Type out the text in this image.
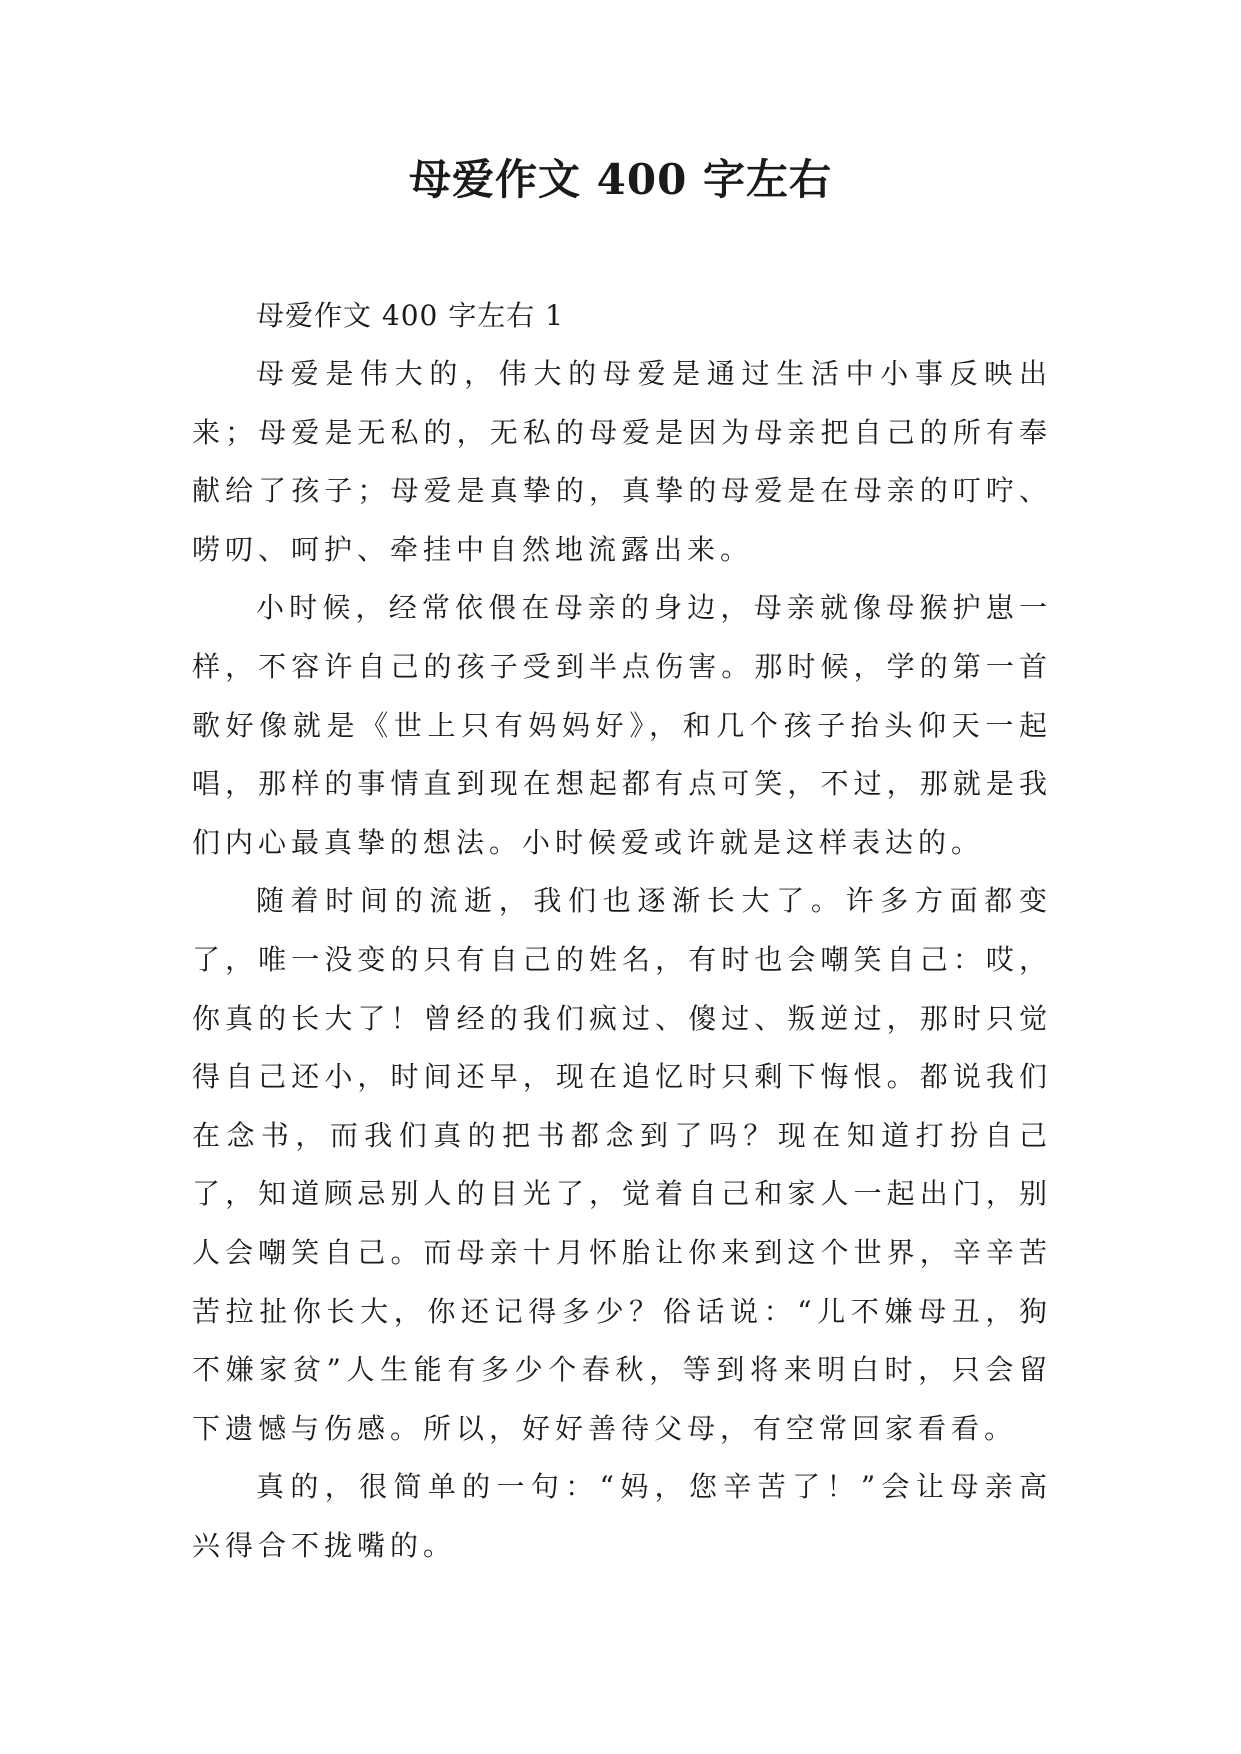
母爱作文 400 字左右

母爱作文 400 字左右 1

母爱是伟大的，伟大的母爱是通过生活中小事反映出来；母爱是无私的，无私的母爱是因为母亲把自己的所有奉献给了孩子；母爱是真挚的，真挚的母爱是在母亲的叮咛、唠叨、呵护、牵挂中自然地流露出来。

小时候，经常依偎在母亲的身边，母亲就像母猴护崽一样，不容许自己的孩子受到半点伤害。那时候，学的第一首歌好像就是《世上只有妈妈好》，和几个孩子抬头仰天一起唱，那样的事情直到现在想起都有点可笑，不过，那就是我们内心最真挚的想法。小时候爱或许就是这样表达的。

随着时间的流逝，我们也逐渐长大了。许多方面都变了，唯一没变的只有自己的姓名，有时也会嘲笑自己：哎，你真的长大了！曾经的我们疯过、傻过、叛逆过，那时只觉得自己还小，时间还早，现在追忆时只剩下悔恨。都说我们在念书，而我们真的把书都念到了吗？现在知道打扮自己了，知道顾忌别人的目光了，觉着自己和家人一起出门，别人会嘲笑自己。而母亲十月怀胎让你来到这个世界，辛辛苦苦拉扯你长大，你还记得多少？俗话说：“儿不嫌母丑，狗不嫌家贫”人生能有多少个春秋，等到将来明白时，只会留下遗憾与伤感。所以，好好善待父母，有空常回家看看。

真的，很简单的一句：“妈，您辛苦了！”会让母亲高兴得合不拢嘴的。
